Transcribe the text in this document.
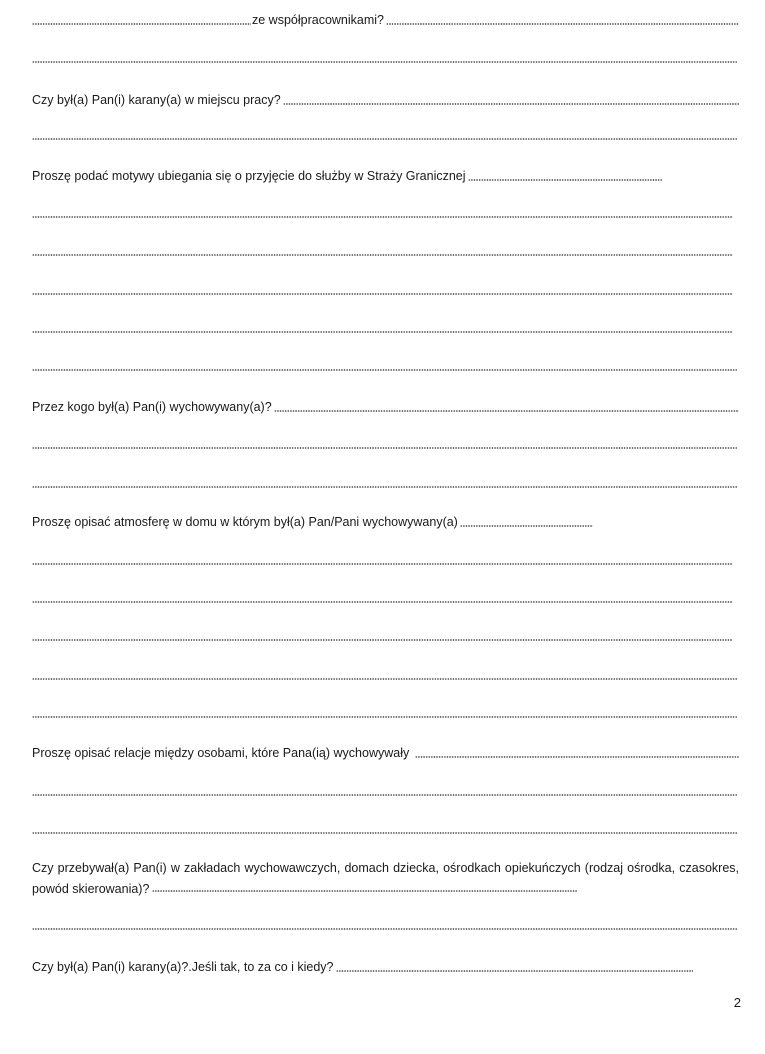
ze współpracownikami?
Czy był(a) Pan(i) karany(a) w miejscu pracy?
Proszę podać motywy ubiegania się o przyjęcie do służby w Straży Granicznej
Przez kogo był(a) Pan(i) wychowywany(a)?
Proszę opisać atmosferę w domu w którym był(a) Pan/Pani wychowywany(a)
Proszę opisać relacje między osobami, które Pana(ią) wychowywały
Czy przebywał(a) Pan(i) w zakładach wychowawczych, domach dziecka, ośrodkach opiekuńczych (rodzaj ośrodka, czasokres, powód skierowania)?
Czy był(a) Pan(i) karany(a)?.Jeśli tak, to za co i kiedy?
2
